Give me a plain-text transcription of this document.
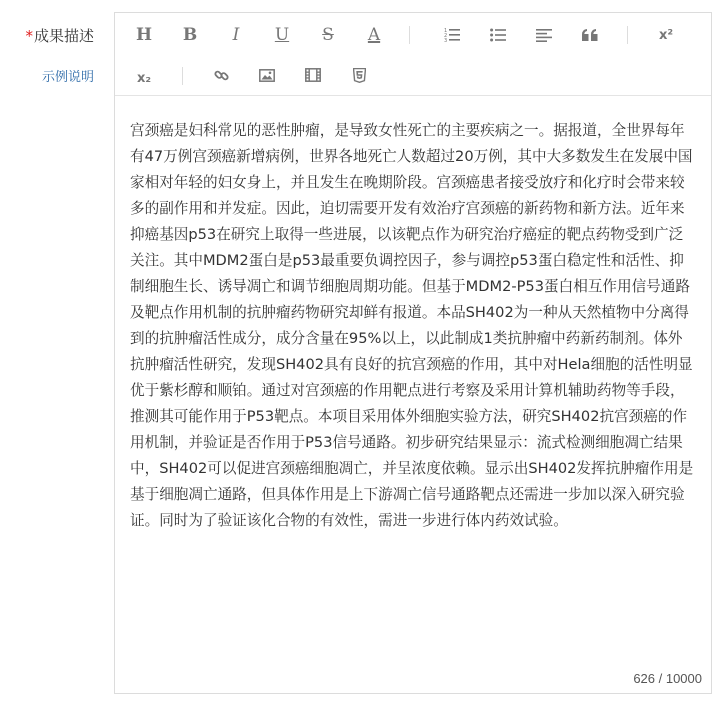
*成果描述
示例说明
H B I U S A	1
2
3	x²
x₂
宫颈癌是妇科常见的恶性肿瘤，是导致女性死亡的主要疾病之一。据报道，全世界每年有47万例宫颈癌新增病例，世界各地死亡人数超过20万例，其中大多数发生在发展中国家相对年轻的妇女身上，并且发生在晚期阶段。宫颈癌患者接受放疗和化疗时会带来较多的副作用和并发症。因此，迫切需要开发有效治疗宫颈癌的新药物和新方法。近年来抑癌基因p53在研究上取得一些进展，以该靶点作为研究治疗癌症的靶点药物受到广泛关注。其中MDM2蛋白是p53最重要负调控因子，参与调控p53蛋白稳定性和活性、抑制细胞生长、诱导凋亡和调节细胞周期功能。但基于MDM2-P53蛋白相互作用信号通路及靶点作用机制的抗肿瘤药物研究却鲜有报道。本品SH402为一种从天然植物中分离得到的抗肿瘤活性成分，成分含量在95%以上，以此制成1类抗肿瘤中药新药制剂。体外抗肿瘤活性研究，发现SH402具有良好的抗宫颈癌的作用，其中对Hela细胞的活性明显优于紫杉醇和顺铂。通过对宫颈癌的作用靶点进行考察及采用计算机辅助药物等手段，推测其可能作用于P53靶点。本项目采用体外细胞实验方法，研究SH402抗宫颈癌的作用机制，并验证是否作用于P53信号通路。初步研究结果显示：流式检测细胞凋亡结果中，SH402可以促进宫颈癌细胞凋亡，并呈浓度依赖。显示出SH402发挥抗肿瘤作用是基于细胞凋亡通路，但具体作用是上下游凋亡信号通路靶点还需进一步加以深入研究验证。同时为了验证该化合物的有效性，需进一步进行体内药效试验。
626 / 10000
